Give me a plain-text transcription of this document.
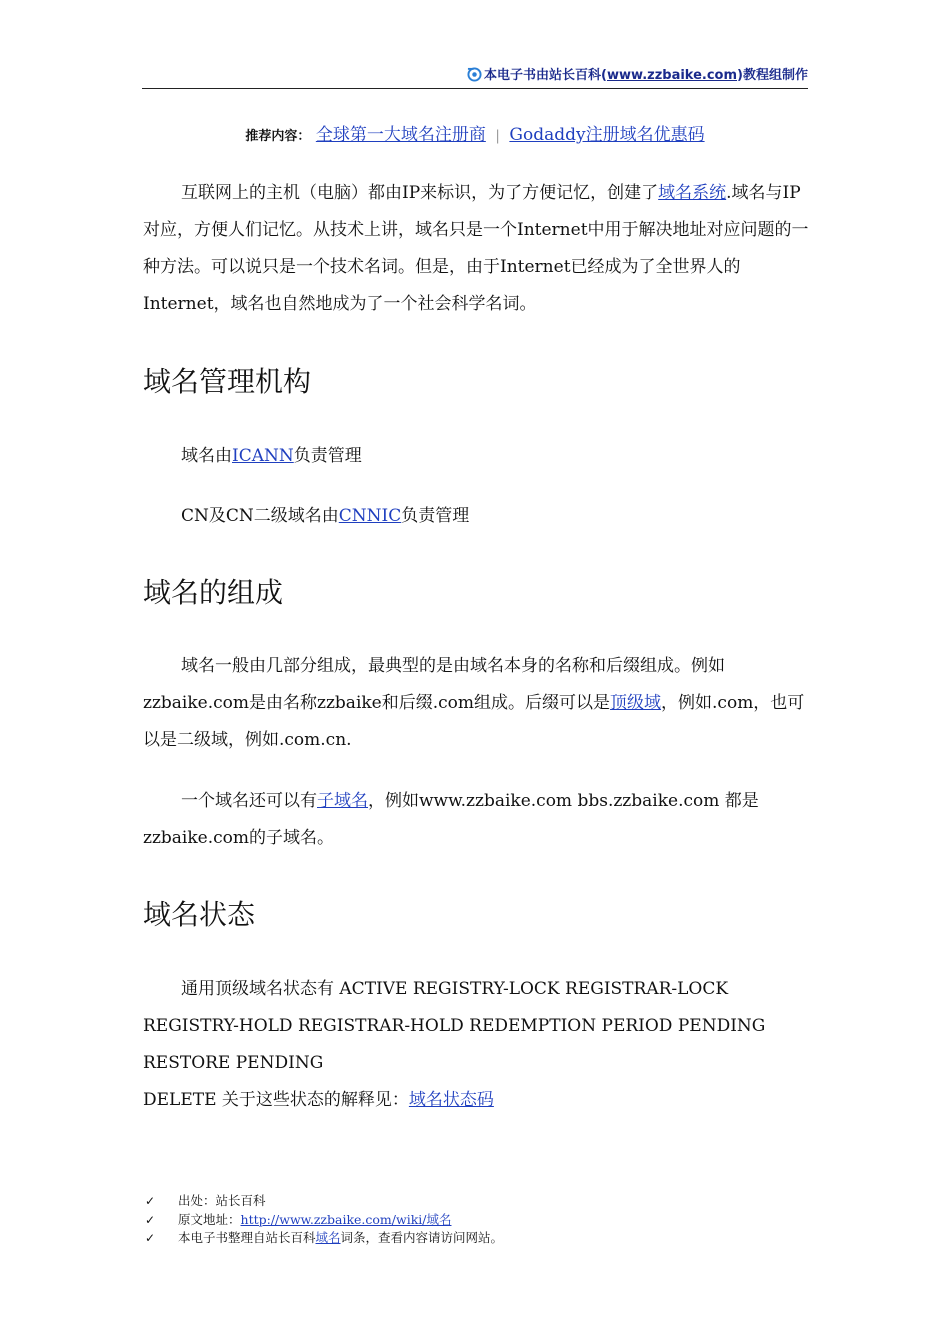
本电子书由站长百科(www.zzbaike.com)教程组制作
推荐内容： 全球第一大域名注册商 | Godaddy注册域名优惠码
互联网上的主机（电脑）都由IP来标识，为了方便记忆，创建了域名系统.域名与IP对应，方便人们记忆。从技术上讲，域名只是一个Internet中用于解决地址对应问题的一种方法。可以说只是一个技术名词。但是，由于Internet已经成为了全世界人的Internet，域名也自然地成为了一个社会科学名词。
域名管理机构
域名由ICANN负责管理
CN及CN二级域名由CNNIC负责管理
域名的组成
域名一般由几部分组成，最典型的是由域名本身的名称和后缀组成。例如zzbaike.com是由名称zzbaike和后缀.com组成。后缀可以是顶级域，例如.com，也可以是二级域，例如.com.cn.
一个域名还可以有子域名，例如www.zzbaike.com bbs.zzbaike.com 都是zzbaike.com的子域名。
域名状态

通用顶级域名状态有 ACTIVE REGISTRY-LOCK REGISTRAR-LOCK

REGISTRY-HOLD REGISTRAR-HOLD REDEMPTION PERIOD PENDING RESTORE PENDING

DELETE 关于这些状态的解释见：域名状态码

✓ 出处：站长百科
✓ 原文地址：http://www.zzbaike.com/wiki/域名
✓ 本电子书整理自站长百科域名词条，查看内容请访问网站。
